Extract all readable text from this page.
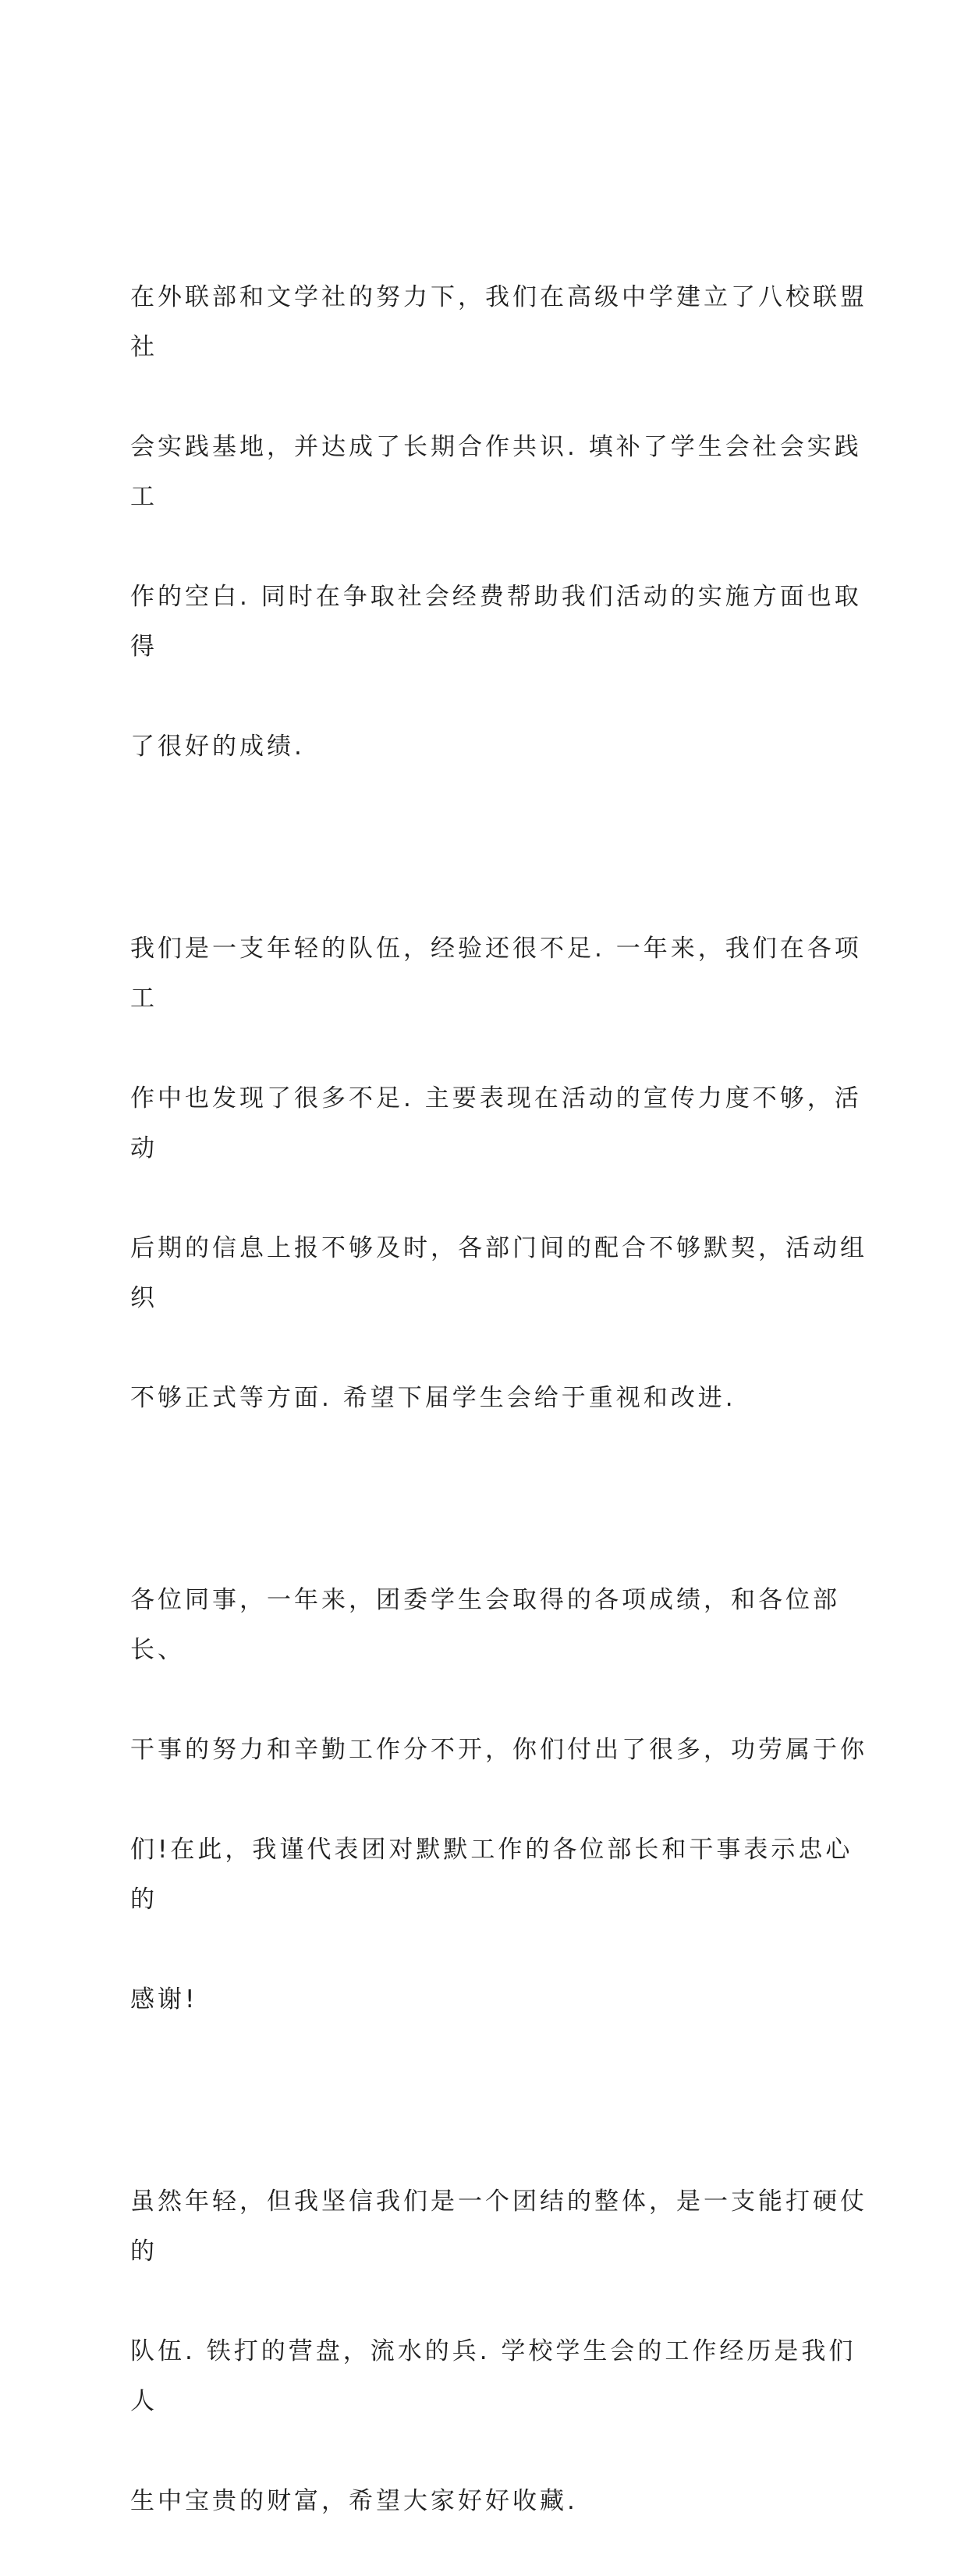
在外联部和文学社的努力下，我们在高级中学建立了八校联盟社

会实践基地，并达成了长期合作共识. 填补了学生会社会实践工

作的空白. 同时在争取社会经费帮助我们活动的实施方面也取得

了很好的成绩.

我们是一支年轻的队伍，经验还很不足. 一年来，我们在各项工

作中也发现了很多不足. 主要表现在活动的宣传力度不够，活动

后期的信息上报不够及时，各部门间的配合不够默契，活动组织

不够正式等方面. 希望下届学生会给于重视和改进.

各位同事，一年来，团委学生会取得的各项成绩，和各位部长、

干事的努力和辛勤工作分不开，你们付出了很多，功劳属于你

们!在此，我谨代表团对默默工作的各位部长和干事表示忠心的

感谢!

虽然年轻，但我坚信我们是一个团结的整体，是一支能打硬仗的

队伍. 铁打的营盘，流水的兵. 学校学生会的工作经历是我们人

生中宝贵的财富，希望大家好好收藏.
